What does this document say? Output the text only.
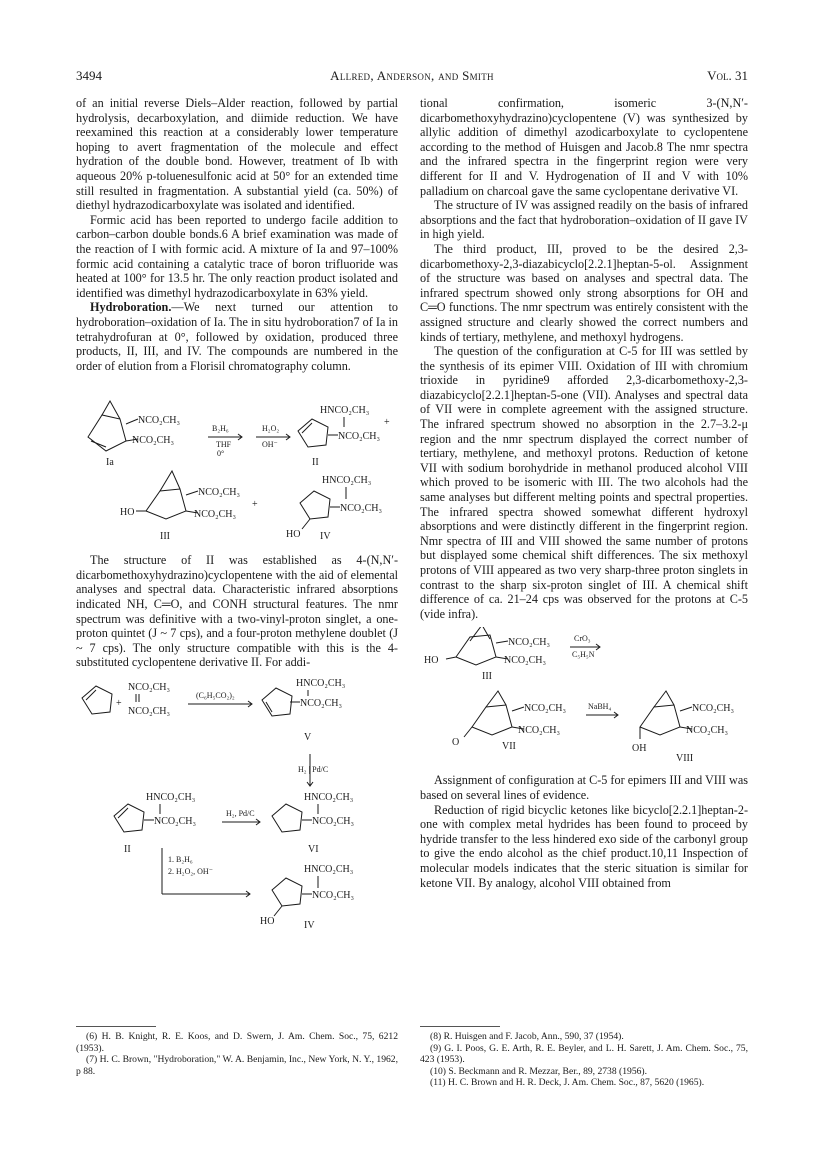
3494	Allred, Anderson, and Smith	Vol. 31

of an initial reverse Diels–Alder reaction, followed by partial hydrolysis, decarboxylation, and diimide reduction. We have reexamined this reaction at a considerably lower temperature hoping to avert fragmentation of the molecule and effect hydration of the double bond. However, treatment of Ib with aqueous 20% p-toluenesulfonic acid at 50° for an extended time still resulted in fragmentation. A substantial yield (ca. 50%) of diethyl hydrazodicarboxylate was isolated and identified.

Formic acid has been reported to undergo facile addition to carbon–carbon double bonds.6 A brief examination was made of the reaction of I with formic acid. A mixture of Ia and 97–100% formic acid containing a catalytic trace of boron trifluoride was heated at 100° for 13.5 hr. The only reaction product isolated and identified was dimethyl hydrazodicarboxylate in 63% yield.

Hydroboration.—We next turned our attention to hydroboration–oxidation of Ia. The in situ hydroboration7 of Ia in tetrahydrofuran at 0°, followed by oxidation, produced three products, II, III, and IV. The compounds are numbered in the order of elution from a Florisil chromatography column.

NCO₂CH₃
NCO₂CH₃
Ia
B₂H₆
THF
0°
H₂O₂
OH⁻
HNCO₂CH₃
NCO₂CH₃
+
II
HO
NCO₂CH₃
NCO₂CH₃
+
III
HNCO₂CH₃
NCO₂CH₃
HO IV

The structure of II was established as 4-(N,N′-dicarbomethoxyhydrazino)cyclopentene with the aid of elemental analyses and spectral data. Characteristic infrared absorptions indicated NH, C═O, and CONH structural features. The nmr spectrum was definitive with a two-vinyl-proton singlet, a one-proton quintet (J ~ 7 cps), and a four-proton methylene doublet (J ~ 7 cps). The only structure compatible with this is the 4-substituted cyclopentene derivative II. For addi-

+
NCO₂CH₃
NCO₂CH₃
(C₆H₅CO₂)₂
HNCO₂CH₃
NCO₂CH₃
V
H₂ | Pd/C
HNCO₂CH₃
NCO₂CH₃
II
H₂, Pd/C
HNCO₂CH₃
NCO₂CH₃
VI
1. B₂H₆
2. H₂O₂, OH⁻	HNCO₂CH₃
NCO₂CH₃
HO	IV

(6) H. B. Knight, R. E. Koos, and D. Swern, J. Am. Chem. Soc., 75, 6212 (1953).

(7) H. C. Brown, "Hydroboration," W. A. Benjamin, Inc., New York, N. Y., 1962, p 88.

tional confirmation, isomeric 3-(N,N′-dicarbomethoxyhydrazino)cyclopentene (V) was synthesized by allylic addition of dimethyl azodicarboxylate to cyclopentene according to the method of Huisgen and Jacob.8 The nmr spectra and the infrared spectra in the fingerprint region were very different for II and V. Hydrogenation of II and V with 10% palladium on charcoal gave the same cyclopentane derivative VI.

The structure of IV was assigned readily on the basis of infrared absorptions and the fact that hydroboration–oxidation of II gave IV in high yield.

The third product, III, proved to be the desired 2,3-dicarbomethoxy-2,3-diazabicyclo[2.2.1]heptan-5-ol. Assignment of the structure was based on analyses and spectral data. The infrared spectrum showed only strong absorptions for OH and C═O functions. The nmr spectrum was entirely consistent with the assigned structure and clearly showed the correct numbers and kinds of tertiary, methylene, and methoxyl hydrogens.

The question of the configuration at C-5 for III was settled by the synthesis of its epimer VIII. Oxidation of III with chromium trioxide in pyridine9 afforded 2,3-dicarbomethoxy-2,3-diazabicyclo[2.2.1]heptan-5-one (VII). Analyses and spectral data of VII were in complete agreement with the assigned structure. The infrared spectrum showed no absorption in the 2.7–3.2-μ region and the nmr spectrum displayed the correct number of tertiary, methylene, and methoxyl protons. Reduction of ketone VII with sodium borohydride in methanol produced alcohol VIII which proved to be isomeric with III. The two alcohols had the same analyses but different melting points and spectral properties. The infrared spectra showed somewhat different hydroxyl absorptions and were distinctly different in the fingerprint region. Nmr spectra of III and VIII showed the same number of protons but displayed some chemical shift differences. The six methoxyl protons of VIII appeared as two very sharp-three proton singlets in contrast to the sharp six-proton singlet of III. A chemical shift difference of ca. 21–24 cps was observed for the protons at C-5 (vide infra).

HO
NCO₂CH₃
NCO₂CH₃
III
CrO₃
C₅H₅N
O
NCO₂CH₃
NCO₂CH₃
VII
NaBH₄
OH
NCO₂CH₃
NCO₂CH₃
VIII

Assignment of configuration at C-5 for epimers III and VIII was based on several lines of evidence.

Reduction of rigid bicyclic ketones like bicyclo[2.2.1]heptan-2-one with complex metal hydrides has been found to proceed by hydride transfer to the less hindered exo side of the carbonyl group to give the endo alcohol as the chief product.10,11 Inspection of molecular models indicates that the steric situation is similar for ketone VII. By analogy, alcohol VIII obtained from

(8) R. Huisgen and F. Jacob, Ann., 590, 37 (1954).

(9) G. I. Poos, G. E. Arth, R. E. Beyler, and L. H. Sarett, J. Am. Chem. Soc., 75, 423 (1953).

(10) S. Beckmann and R. Mezzar, Ber., 89, 2738 (1956).

(11) H. C. Brown and H. R. Deck, J. Am. Chem. Soc., 87, 5620 (1965).
